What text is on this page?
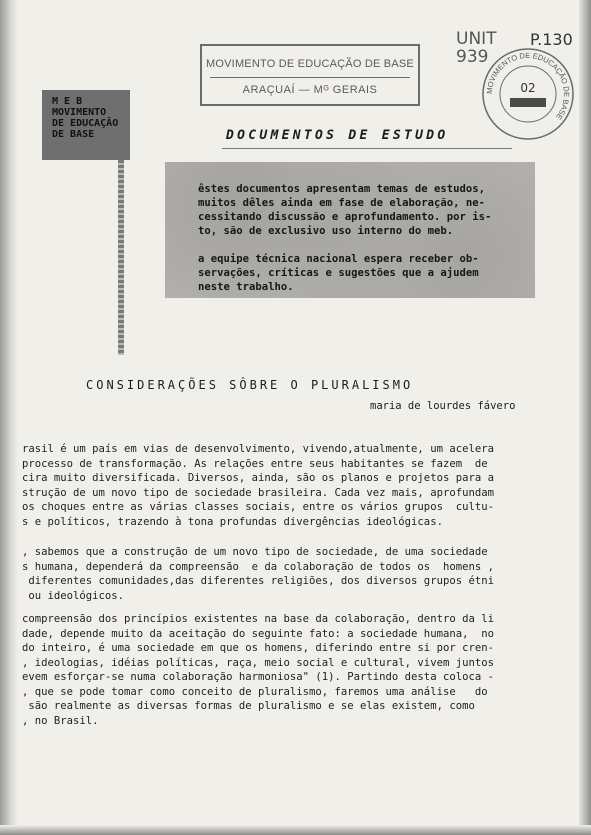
MOVIMENTO DE EDUCAÇÃO DE BASE
ARAÇUAÍ — Mᴳ GERAIS
UNIT
939
P.130
MOVIMENTO DE EDUCAÇÃO DE BASE
02
M E B
MOVIMENTO
DE EDUCAÇÃO
DE BASE	DOCUMENTOS DE ESTUDO
êstes documentos apresentam temas de estudos,
muitos dêles ainda em fase de elaboração, ne-
cessitando discussão e aprofundamento. por is-
to, são de exclusivo uso interno do meb.

a equipe técnica nacional espera receber ob-
servações, críticas e sugestões que a ajudem
neste trabalho.
CONSIDERAÇÕES SÔBRE O PLURALISMO
maria de lourdes fávero
rasil é um país em vias de desenvolvimento, vivendo,atualmente, um acelera
processo de transformação. As relações entre seus habitantes se fazem  de
cira muito diversificada. Diversos, ainda, são os planos e projetos para a
strução de um novo tipo de sociedade brasileira. Cada vez mais, aprofundam
os choques entre as várias classes sociais, entre os vários grupos  cultu-
s e políticos, trazendo à tona profundas divergências ideológicas.
, sabemos que a construção de um novo tipo de sociedade, de uma sociedade
s humana, dependerá da compreensão  e da colaboração de todos os  homens ,
diferentes comunidades,das diferentes religiões, dos diversos grupos étni
ou ideológicos.
compreensão dos princípios existentes na base da colaboração, dentro da li
dade, depende muito da aceitação do seguinte fato: a sociedade humana,  no
do inteiro, é uma sociedade em que os homens, diferindo entre si por cren-
, ideologias, idéias políticas, raça, meio social e cultural, vivem juntos
evem esforçar-se numa colaboração harmoniosa" (1). Partindo desta coloca -
, que se pode tomar como conceito de pluralismo, faremos uma análise   do
são realmente as diversas formas de pluralismo e se elas existem, como
, no Brasil.
